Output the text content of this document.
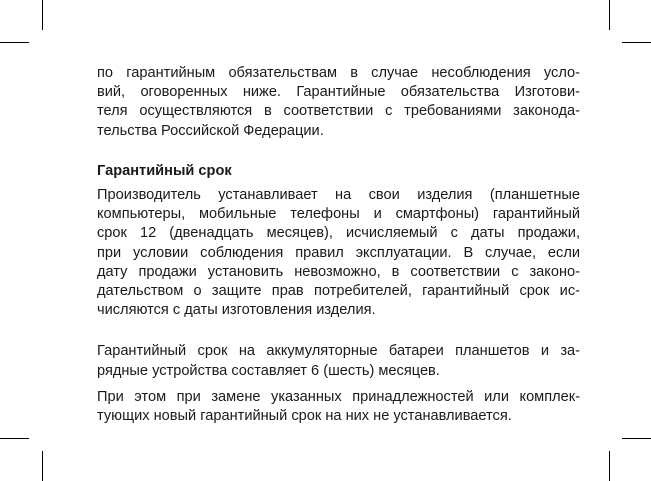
по гарантийным обязательствам в случае несоблюдения усло-
вий, оговоренных ниже. Гарантийные обязательства Изготови-
теля осуществляются в соответствии с требованиями законода-
тельства Российской Федерации.
Гарантийный срок
Производитель устанавливает на свои изделия (планшетные
компьютеры, мобильные телефоны и смартфоны) гарантийный
срок 12 (двенадцать месяцев), исчисляемый с даты продажи,
при условии соблюдения правил эксплуатации. В случае, если
дату продажи установить невозможно, в соответствии с законо-
дательством о защите прав потребителей, гарантийный срок ис-
числяются с даты изготовления изделия.
Гарантийный срок на аккумуляторные батареи планшетов и за-
рядные устройства составляет 6 (шесть) месяцев.
При этом при замене указанных принадлежностей или комплек-
тующих новый гарантийный срок на них не устанавливается.
